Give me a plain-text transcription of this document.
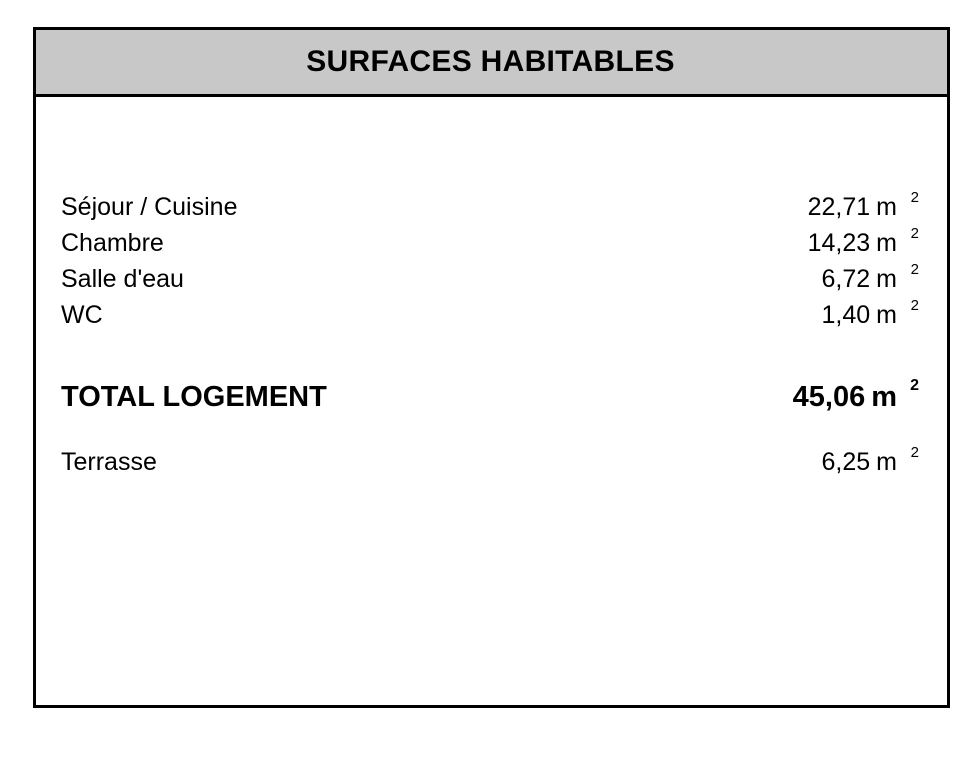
SURFACES HABITABLES
Séjour / Cuisine	22,71 m 2
Chambre	14,23 m 2
Salle d'eau	6,72 m 2
WC	1,40 m 2
TOTAL LOGEMENT	45,06 m 2
Terrasse	6,25 m 2
